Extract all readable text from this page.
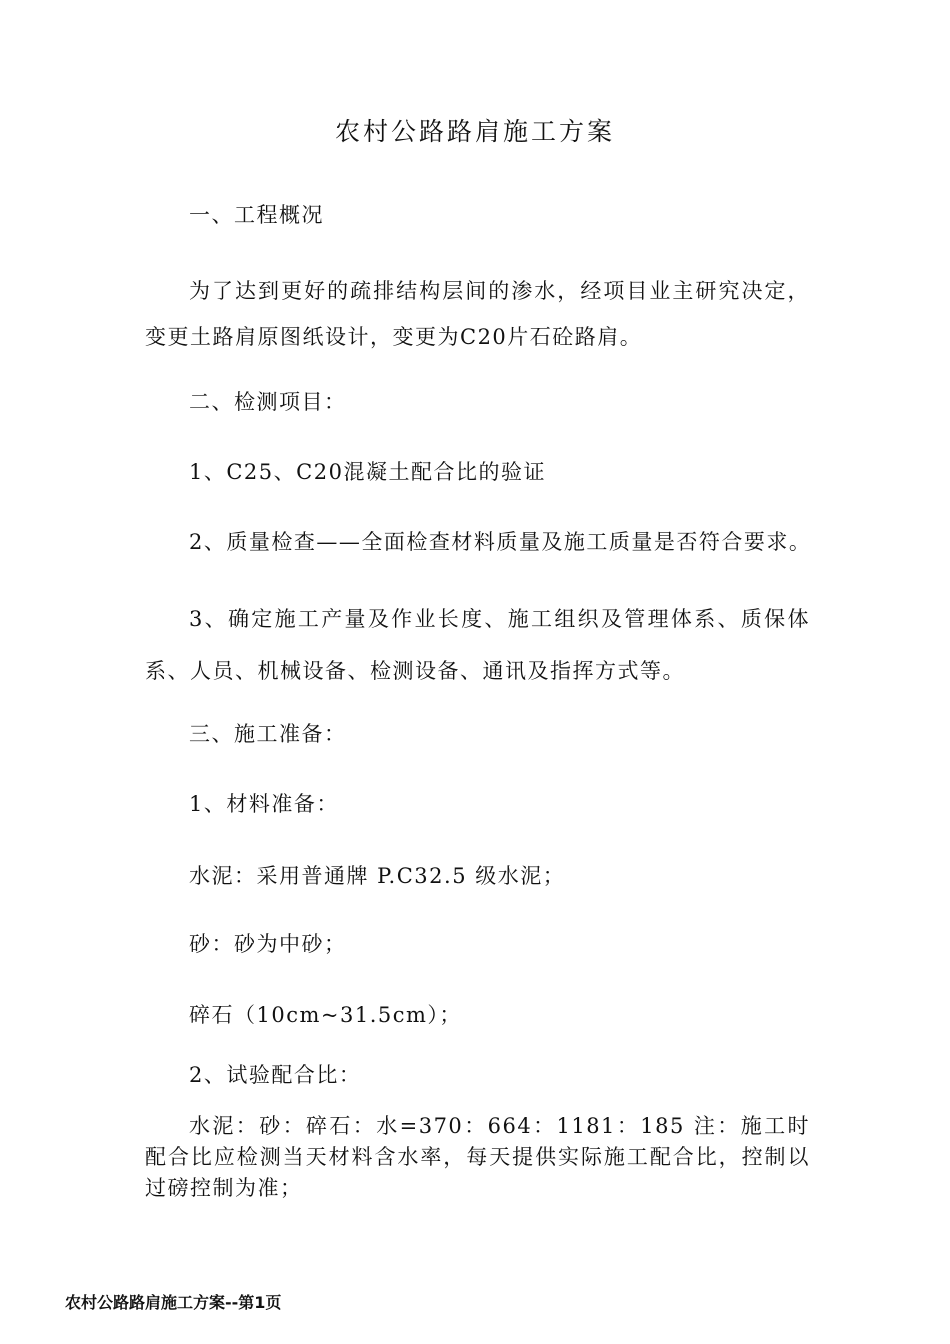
农村公路路肩施工方案
一、工程概况
为了达到更好的疏排结构层间的渗水，经项目业主研究决定，变更土路肩原图纸设计，变更为C20片石砼路肩。
二、检测项目：
1、C25、C20混凝土配合比的验证
2、质量检查——全面检查材料质量及施工质量是否符合要求。
3、确定施工产量及作业长度、施工组织及管理体系、质保体系、人员、机械设备、检测设备、通讯及指挥方式等。
三、施工准备：
1、材料准备：
水泥：采用普通牌 P.C32.5 级水泥；
砂：砂为中砂；
碎石（10cm~31.5cm）；
2、试验配合比：
水泥：砂：碎石：水=370：664：1181：185 注：施工时配合比应检测当天材料含水率，每天提供实际施工配合比，控制以过磅控制为准；
农村公路路肩施工方案--第1页
